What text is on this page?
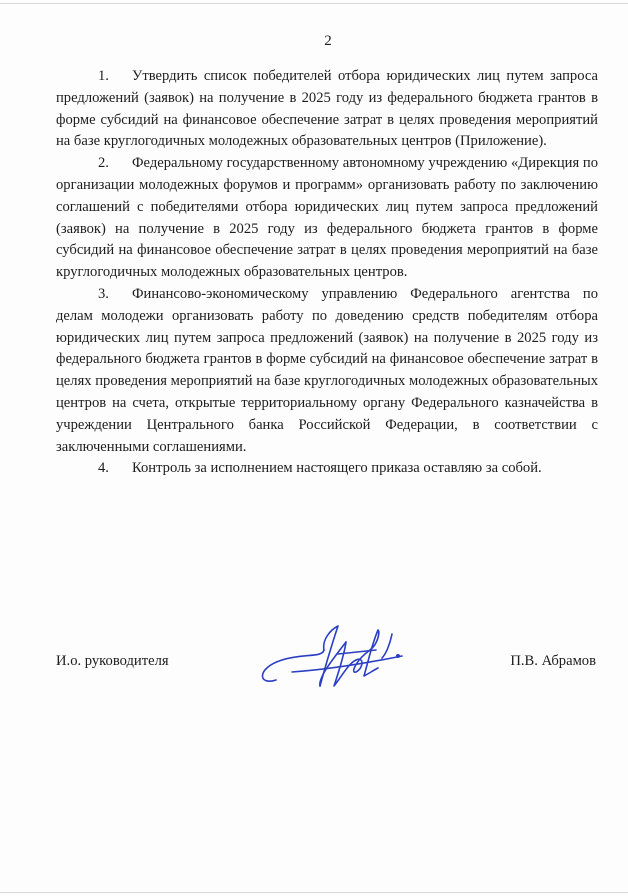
2

1. Утвердить список победителей отбора юридических лиц путем запроса предложений (заявок) на получение в 2025 году из федерального бюджета грантов в форме субсидий на финансовое обеспечение затрат в целях проведения мероприятий на базе круглогодичных молодежных образовательных центров (Приложение).

2. Федеральному государственному автономному учреждению «Дирекция по организации молодежных форумов и программ» организовать работу по заключению соглашений с победителями отбора юридических лиц путем запроса предложений (заявок) на получение в 2025 году из федерального бюджета грантов в форме субсидий на финансовое обеспечение затрат в целях проведения мероприятий на базе круглогодичных молодежных образовательных центров.

3. Финансово-экономическому управлению Федерального агентства по делам молодежи организовать работу по доведению средств победителям отбора юридических лиц путем запроса предложений (заявок) на получение в 2025 году из федерального бюджета грантов в форме субсидий на финансовое обеспечение затрат в целях проведения мероприятий на базе круглогодичных молодежных образовательных центров на счета, открытые территориальному органу Федерального казначейства в учреждении Центрального банка Российской Федерации, в соответствии с заключенными соглашениями.

4. Контроль за исполнением настоящего приказа оставляю за собой.

И.о. руководителя	П.В. Абрамов
